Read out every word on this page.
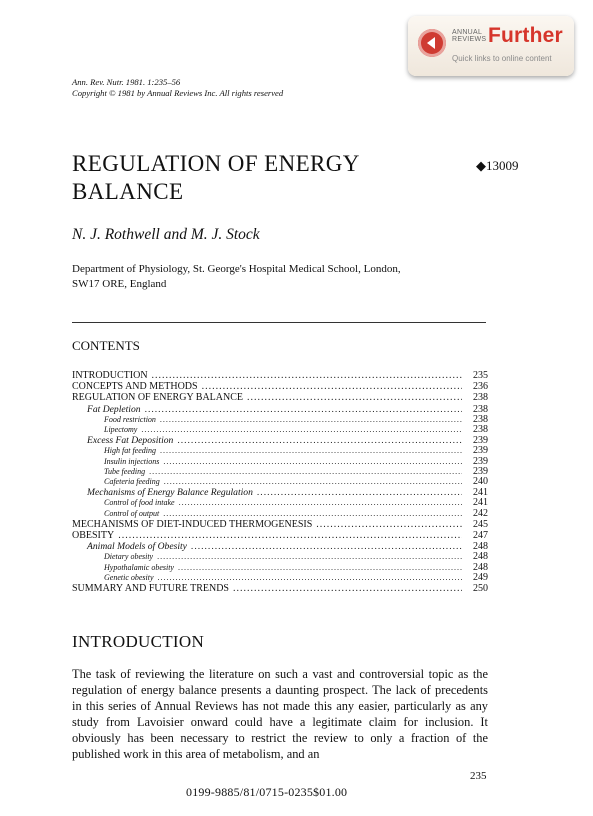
ANNUAL
REVIEWS Further
Quick links to online content
Ann. Rev. Nutr. 1981. 1:235–56
Copyright © 1981 by Annual Reviews Inc. All rights reserved
REGULATION OF ENERGY
BALANCE
◆13009
N. J. Rothwell and M. J. Stock
Department of Physiology, St. George's Hospital Medical School, London,
SW17 ORE, England
CONTENTS
INTRODUCTION .....	235
CONCEPTS AND METHODS .....	236
REGULATION OF ENERGY BALANCE .....	238
Fat Depletion .....	238
Food restriction .....	238
Lipectomy .....	238
Excess Fat Deposition .....	239
High fat feeding .....	239
Insulin injections .....	239
Tube feeding .....	239
Cafeteria feeding .....	240
Mechanisms of Energy Balance Regulation .....	241
Control of food intake .....	241
Control of output .....	242
MECHANISMS OF DIET-INDUCED THERMOGENESIS .....	245
OBESITY .....	247
Animal Models of Obesity .....	248
Dietary obesity .....	248
Hypothalamic obesity .....	248
Genetic obesity .....	249
SUMMARY AND FUTURE TRENDS .....	250
INTRODUCTION
The task of reviewing the literature on such a vast and controversial topic as the regulation of energy balance presents a daunting prospect. The lack of precedents in this series of Annual Reviews has not made this any easier, particularly as any study from Lavoisier onward could have a legitimate claim for inclusion. It obviously has been necessary to restrict the review to only a fraction of the published work in this area of metabolism, and an
235
0199-9885/81/0715-0235$01.00
